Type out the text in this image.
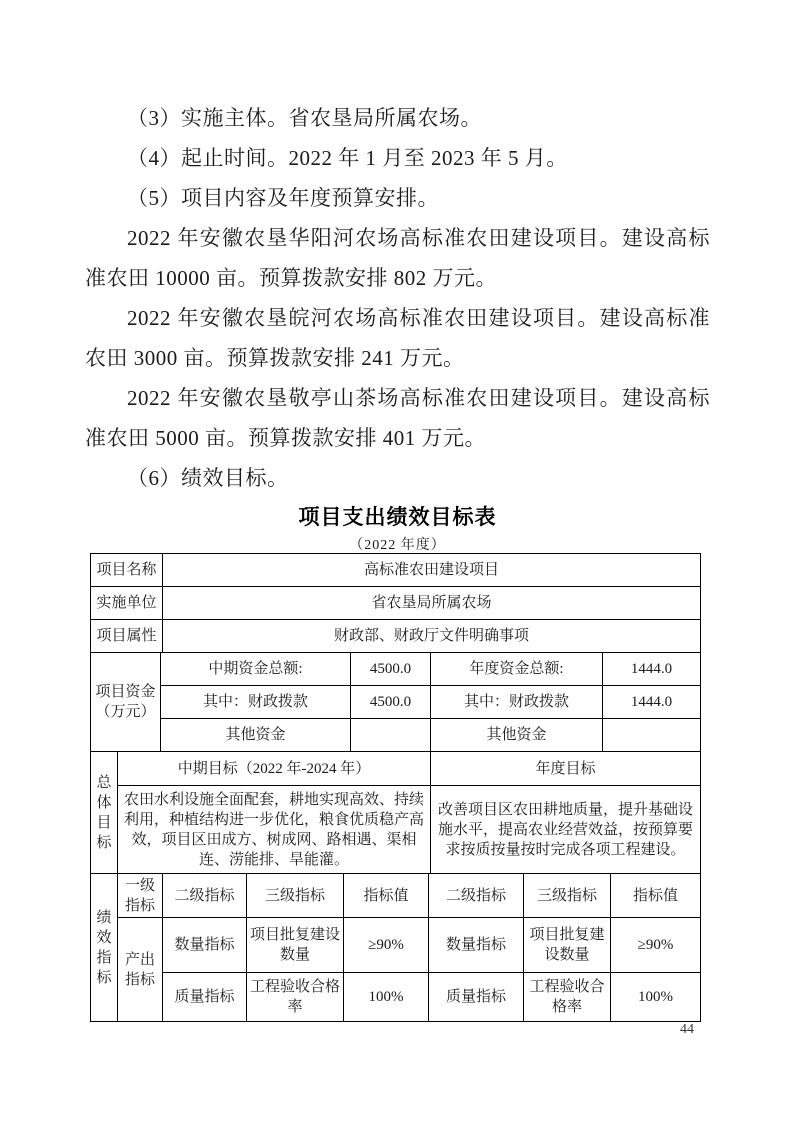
（3）实施主体。省农垦局所属农场。

（4）起止时间。2022 年 1 月至 2023 年 5 月。

（5）项目内容及年度预算安排。

2022 年安徽农垦华阳河农场高标准农田建设项目。建设高标准农田 10000 亩。预算拨款安排 802 万元。

2022 年安徽农垦皖河农场高标准农田建设项目。建设高标准农田 3000 亩。预算拨款安排 241 万元。

2022 年安徽农垦敬亭山茶场高标准农田建设项目。建设高标准农田 5000 亩。预算拨款安排 401 万元。

（6）绩效目标。

项目支出绩效目标表
（2022 年度）
项目名称	高标准农田建设项目
实施单位	省农垦局所属农场
项目属性	财政部、财政厅文件明确事项
项目资金（万元）	中期资金总额:	4500.0	年度资金总额:	1444.0
	其中：财政拨款	4500.0	其中：财政拨款	1444.0
	其他资金		其他资金	
总体目标	中期目标（2022 年-2024 年）	年度目标
	农田水利设施全面配套，耕地实现高效、持续利用，种植结构进一步优化，粮食优质稳产高效，项目区田成方、树成网、路相遇、渠相连、涝能排、旱能灌。	改善项目区农田耕地质量，提升基础设施水平，提高农业经营效益，按预算要求按质按量按时完成各项工程建设。
绩效指标	一级指标	二级指标	三级指标	指标值	二级指标	三级指标	指标值
	产出指标	数量指标	项目批复建设数量	≥90%	数量指标	项目批复建设数量	≥90%
		质量指标	工程验收合格率	100%	质量指标	工程验收合格率	100%
44
